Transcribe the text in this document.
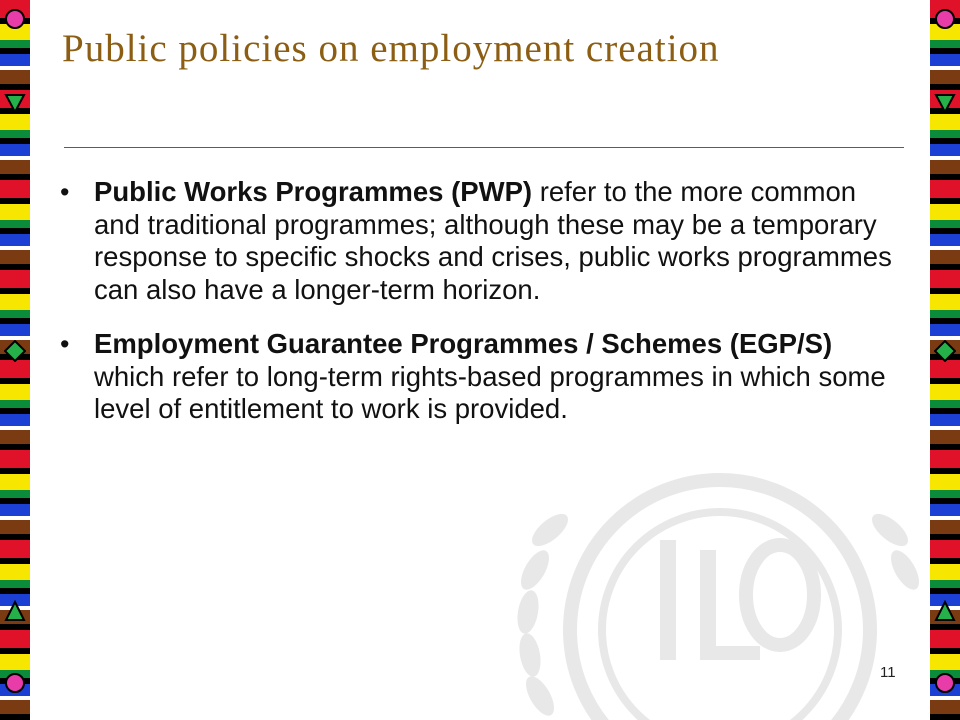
Public policies on employment creation
• Public Works Programmes (PWP) refer to the more common and traditional programmes; although these may be a temporary response to specific shocks and crises, public works programmes can also have a longer-term horizon.
• Employment Guarantee Programmes / Schemes (EGP/S) which refer to long-term rights-based programmes in which some level of entitlement to work is provided.
11
